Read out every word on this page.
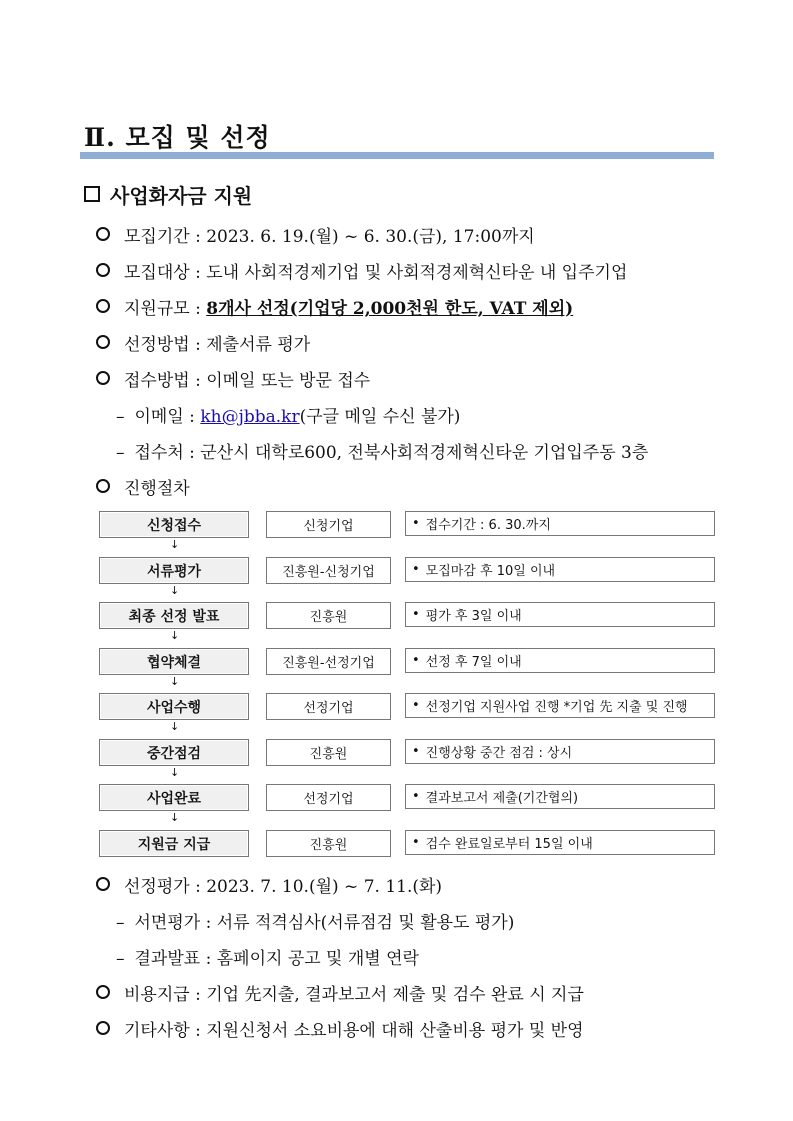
Ⅱ. 모집 및 선정
사업화자금 지원
모집기간 : 2023. 6. 19.(월) ~ 6. 30.(금), 17:00까지
모집대상 : 도내 사회적경제기업 및 사회적경제혁신타운 내 입주기업
지원규모 : 8개사 선정(기업당 2,000천원 한도, VAT 제외)
선정방법 : 제출서류 평가
접수방법 : 이메일 또는 방문 접수
– 이메일 : kh@jbba.kr(구글 메일 수신 불가)
– 접수처 : 군산시 대학로600, 전북사회적경제혁신타운 기업입주동 3층
진행절차
신청접수	신청기업	• 접수기간 : 6. 30.까지
↓
서류평가	진흥원-신청기업	• 모집마감 후 10일 이내
↓
최종 선정 발표	진흥원	• 평가 후 3일 이내
↓
협약체결	진흥원-선정기업	• 선정 후 7일 이내
↓
사업수행	선정기업	• 선정기업 지원사업 진행 *기업 先 지출 및 진행
↓
중간점검	진흥원	• 진행상황 중간 점검 : 상시
↓
사업완료	선정기업	• 결과보고서 제출(기간협의)
↓
지원금 지급	진흥원	• 검수 완료일로부터 15일 이내
선정평가 : 2023. 7. 10.(월) ~ 7. 11.(화)
– 서면평가 : 서류 적격심사(서류점검 및 활용도 평가)
– 결과발표 : 홈페이지 공고 및 개별 연락
비용지급 : 기업 先지출, 결과보고서 제출 및 검수 완료 시 지급
기타사항 : 지원신청서 소요비용에 대해 산출비용 평가 및 반영
